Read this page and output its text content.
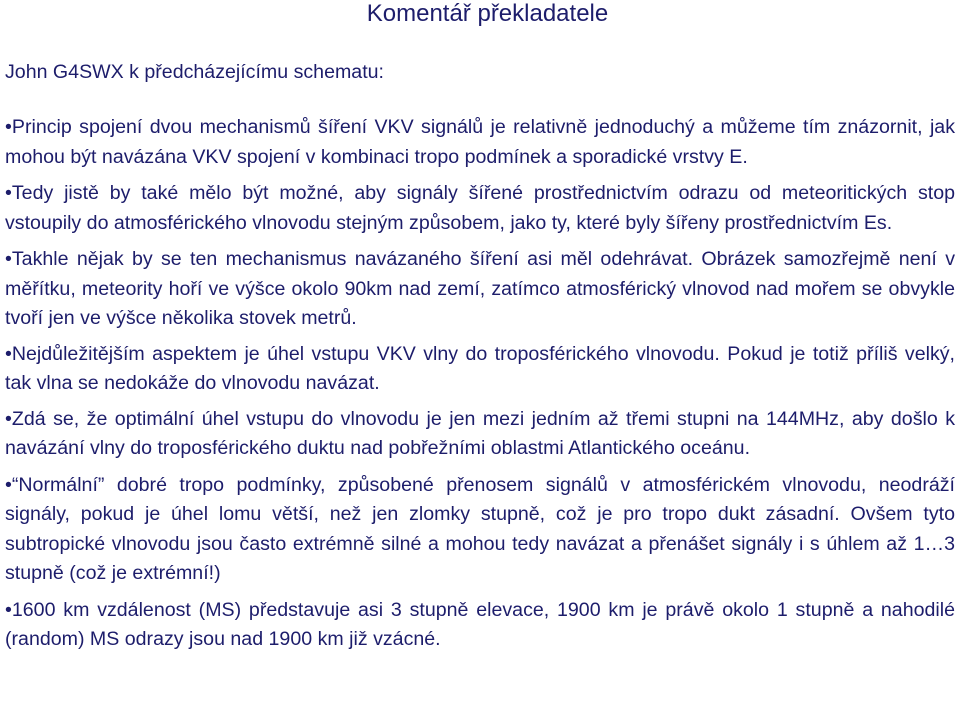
Komentář překladatele
John G4SWX k předcházejícímu schematu:

•Princip spojení dvou mechanismů šíření VKV signálů je relativně jednoduchý a můžeme tím znázornit, jak mohou být navázána VKV spojení v kombinaci tropo podmínek a sporadické vrstvy E.

•Tedy jistě by také mělo být možné, aby signály šířené prostřednictvím odrazu od meteoritických stop vstoupily do atmosférického vlnovodu stejným způsobem, jako ty, které byly šířeny prostřednictvím Es.

•Takhle nějak by se ten mechanismus navázaného šíření asi měl odehrávat. Obrázek samozřejmě není v měřítku, meteority hoří ve výšce okolo 90km nad zemí, zatímco atmosférický vlnovod nad mořem se obvykle tvoří jen ve výšce několika stovek metrů.

•Nejdůležitějším aspektem je úhel vstupu VKV vlny do troposférického vlnovodu. Pokud je totiž příliš velký, tak vlna se nedokáže do vlnovodu navázat.

•Zdá se, že optimální úhel vstupu do vlnovodu je jen mezi jedním až třemi stupni na 144MHz, aby došlo k navázání vlny do troposférického duktu nad pobřežními oblastmi Atlantického oceánu.

•“Normální” dobré tropo podmínky, způsobené přenosem signálů v atmosférickém vlnovodu, neodráží signály, pokud je úhel lomu větší, než jen zlomky stupně, což je pro tropo dukt zásadní. Ovšem tyto subtropické vlnovodu jsou často extrémně silné a mohou tedy navázat a přenášet signály i s úhlem až 1…3 stupně (což je extrémní!)

•1600 km vzdálenost (MS) představuje asi 3 stupně elevace, 1900 km je právě okolo 1 stupně a nahodilé (random) MS odrazy jsou nad 1900 km již vzácné.
